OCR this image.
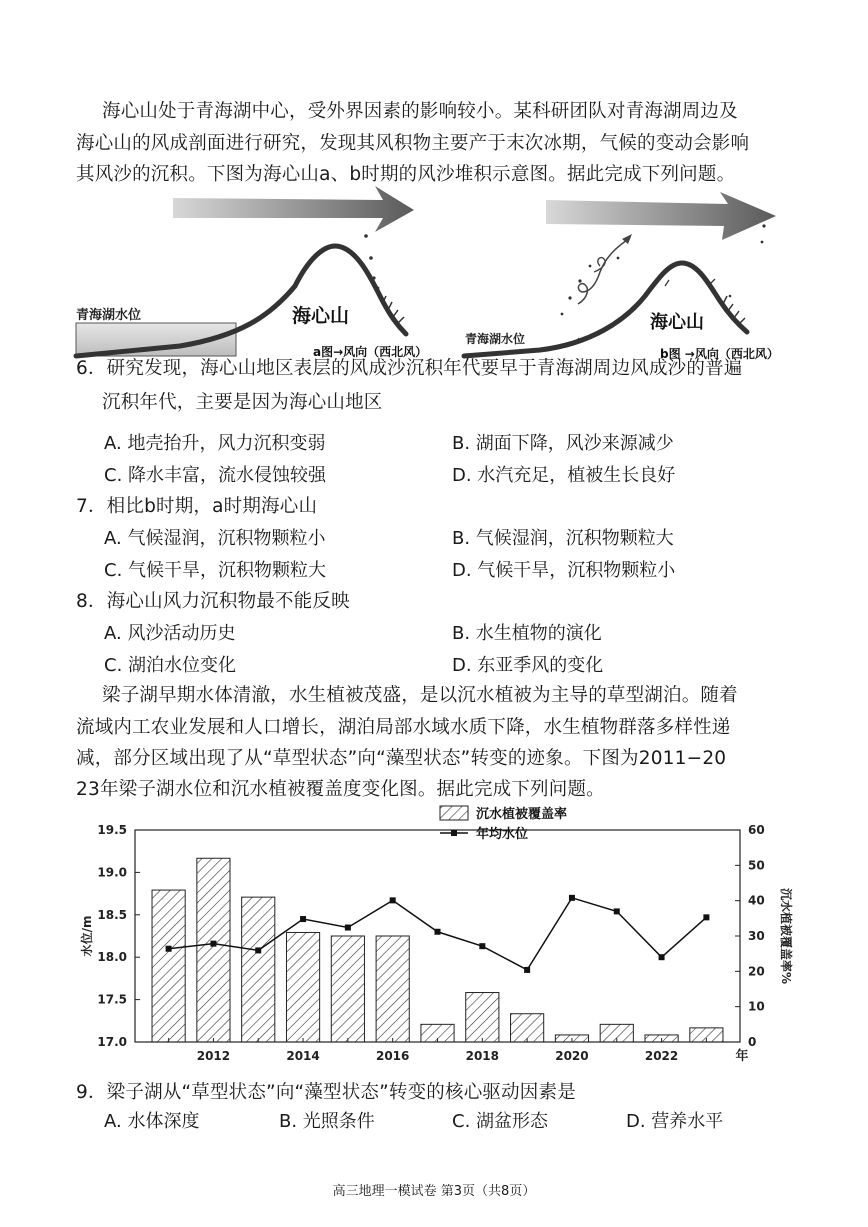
海心山处于青海湖中心，受外界因素的影响较小。某科研团队对青海湖周边及
海心山的风成剖面进行研究，发现其风积物主要产于末次冰期，气候的变动会影响
其风沙的沉积。下图为海心山a、b时期的风沙堆积示意图。据此完成下列问题。
青海湖水位	海心山
a图→风向（西北风）
青海湖水位
海心山
b图 →风向（西北风）
6．研究发现，海心山地区表层的风成沙沉积年代要早于青海湖周边风成沙的普遍
沉积年代，主要是因为海心山地区
A. 地壳抬升，风力沉积变弱	B. 湖面下降，风沙来源减少
C. 降水丰富，流水侵蚀较强	D. 水汽充足，植被生长良好
7．相比b时期，a时期海心山
A. 气候湿润，沉积物颗粒小	B. 气候湿润，沉积物颗粒大
C. 气候干旱，沉积物颗粒大	D. 气候干旱，沉积物颗粒小
8．海心山风力沉积物最不能反映
A. 风沙活动历史	B. 水生植物的演化
C. 湖泊水位变化	D. 东亚季风的变化
梁子湖早期水体清澈，水生植被茂盛，是以沉水植被为主导的草型湖泊。随着
流域内工农业发展和人口增长，湖泊局部水域水质下降，水生植物群落多样性递
减，部分区域出现了从“草型状态”向“藻型状态”转变的迹象。下图为2011−20
23年梁子湖水位和沉水植被覆盖度变化图。据此完成下列问题。
17.0
17.5
18.0
18.5
19.0
19.5
0
10
20
30
40
50
60
2012	2014	2016	2018	2020	2022	年
水位/m	沉水植被覆盖率%
沉水植被覆盖率
年均水位
9．梁子湖从“草型状态”向“藻型状态”转变的核心驱动因素是
A. 水体深度	B. 光照条件	C. 湖盆形态	D. 营养水平
高三地理一模试卷 第3页（共8页）
